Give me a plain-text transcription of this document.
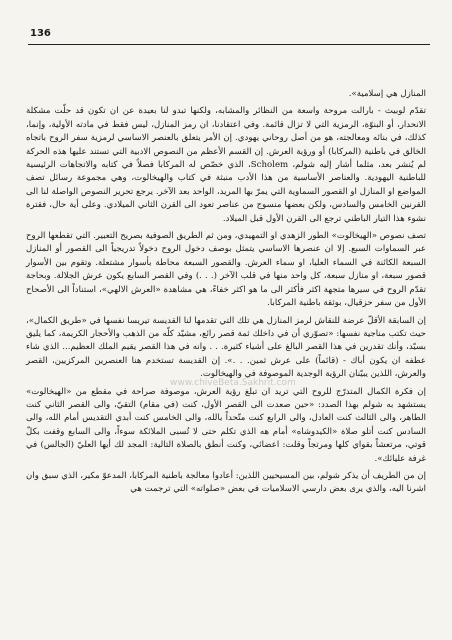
136

المنازل هي إسلامية».

تقدّم لوبيث - بارالت مروحة واسعة من النظائر والمشابه، ولكنها تبدو لنا بعيدة عن ان تكون قد حلّت مشكلة الانحدار، أو البنوّة، الرمزية التي لا تزال قائمة. وفي اعتقادنا، ان رمز المنازل، ليس فقط في مادته الأولية، وإنما، كذلك، في بنائه ومعالجته، هو من أصل روحاني يهودي. إن الأمر يتعلق بالعنصر الاساسي لرمزية سفر الروح باتجاه الخالق في باطنية (المركابا) أو ورؤية العرش. إن القسم الأعظم من النصوص الادبية التي تستند عليها هذه الحركة لم يُنشر بعد، مثلما أشار إليه شولم، Scholem، الذي خصّص له المركابا فصلاً في كتابه والاتجاهات الرئيسية للباطنية اليهودية. والعناصر الأساسية من هذا الأدب منبثة في كتاب والهيخالوت، وهي مجموعة رسائل تصف المواضع او المنازل او القصور السماوية التي يمرّ بها المريد، الواحد بعد الآخر. يرجع تحرير النصوص الواصلة لنا الى القرنين الخامس والسادس، ولكن بعضها منسوج من عناصر تعود الى القرن الثاني الميلادي. وعلى أية حال، فقترة نشوء هذا التيار الباطني ترجع الى القرن الأول قبل الميلاد.

تصف نصوص «الهيخالوت» الطور الزهدي او التمهيدي، ومن ثم الطريق الصوفية بصريح التعبير. التي تقطعها الروح عبر السماوات السبع. إلا ان عنصرها الاساسي يتمثل بوصف دخول الروح دخولاً تدريجياً الى القصور أو المنازل السبعة الكائنة في السماء العليا، او سماء العرش. والقصور السبعة محاطة بأسوار مشتعلة. وتقوم بين الأسوار قصور سبعة، او منازل سبعة، كل واحد منها في قلب الآخر (. . .) وفي القصر السابع يكون عرش الجلالة. وبحاجة تقدّم الروح في سيرها متجهة اكثر فأكثر الى ما هو اكثر خفاءً، هي مشاهدة «العرش الالهي»، استناداً الى الأصحاح الأول من سفر حزقيال، بوثقة باطنية المركابا.

إن السابقة الأقلّ عرضة للنقاش لرمز المنازل هي تلك التي تقدمها لنا القديسة تيريسا نفسها في «طريق الكمال»، حيث تكتب مناجية نفسها: «تصوّري أن في داخلك ثمة قصر رائع، مشيّد كلّه من الذهب والأحجار الكريمة، كما يليق بسيّد، وأنك تقدرين في هذا القصر البالغ على أشياء كثيرة. . . وانه في هذا القصر يقيم الملك العظيم... الذي شاء عطفه ان يكون أباك - (قائماً) على عرش ثمين. . .». إن القديسة تستخدم هنا العنصرين المركزيين، القصر والعرش، اللذين يبيّنان الرؤية الوجدية الموصوفة في والهيخالوت.

إن فكرة الكمال المتدرّج للروح التي تريد ان تبلغ رؤية العرش، موصوفة صراحة في مقطع من «الهيخالوت» يستشهد به شولم بهذا الصدد: «حين صعدت الى القصر الأول، كنت (في مقام) التقيّ، والى القصر الثاني كنت الطاهر، والى الثالث كنت العادل، والى الرابع كنت متّحداً بالله، والى الخامس كنت أبدي التقديس أمام الله، والى السادس كنت أتلو صلاة «الكيدوشاه» أمام هه الذي تكلم حتى لا تُسبى الملائكة سوءاً، والى السابع وقفت بكلّ قوتي، مرتعشاً بقواي كلها ومرتجاً وقلت: اعضائي، وكنت أنطق بالصلاة التالية: المجد لك أيها العليّ (الجالس) في غرفة عليائك».

إن من الطريف أن يذكر شولم، بين المسيحيين اللذين: أعادوا معالجة باطنية المركابا، المدعوّ مكير، الذي سبق وان اشرنا اليه، والذي يرى بعض دارسي الاسلاميات في بعض «صلواته» التي ترجمت هي

www.chiveBeta.Sakhrit.com
